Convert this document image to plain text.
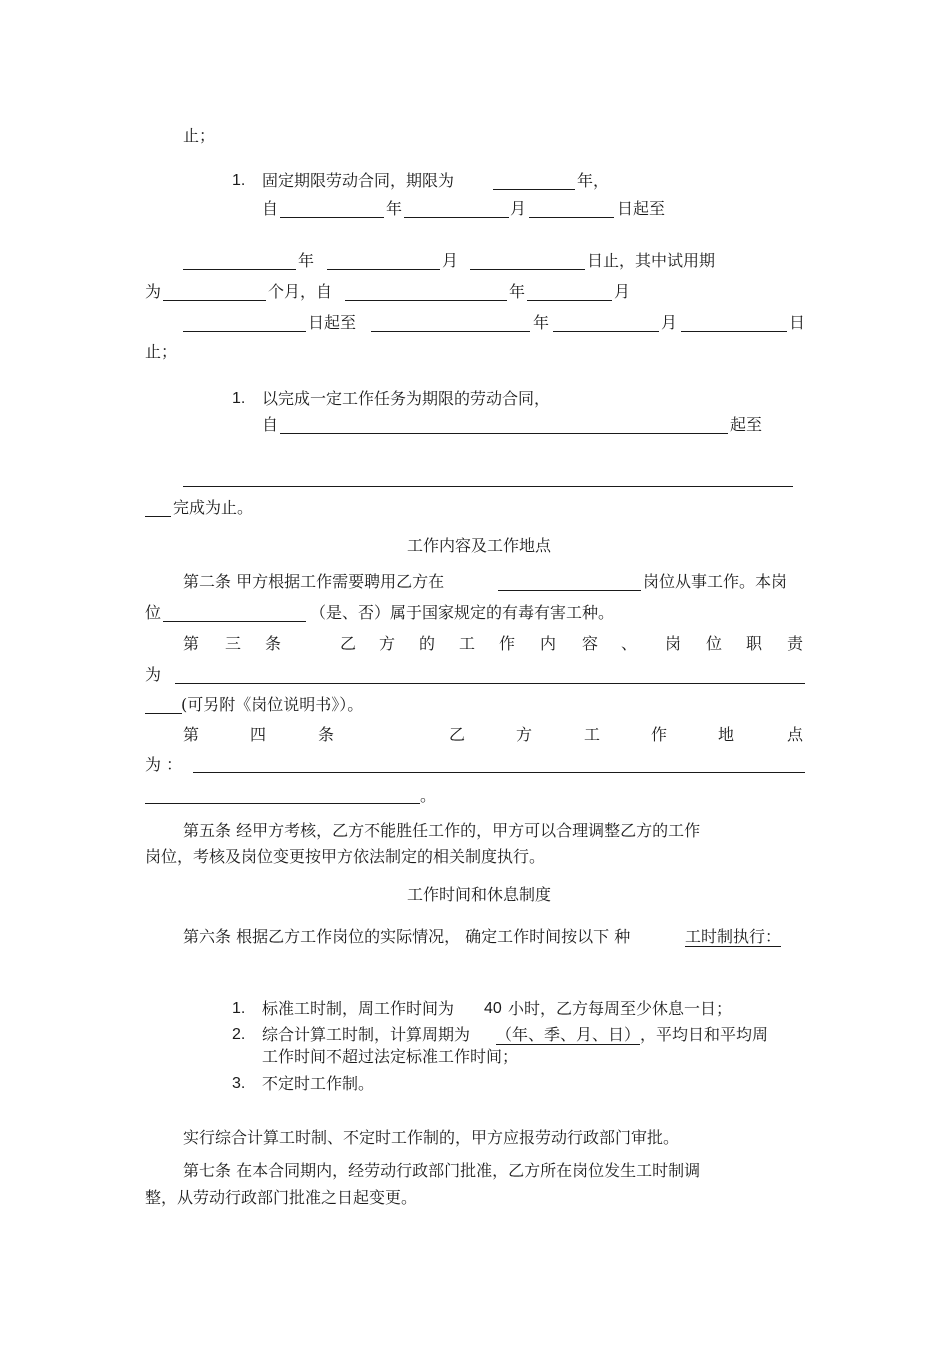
止；
1. 固定期限劳动合同，期限为	年，
自	年	月	日起至
年	月	日止，其中试用期
为	个月，自	年	月
日起至	年	月	日
止；
1. 以完成一定工作任务为期限的劳动合同，
自	起至
完成为止。
工作内容及工作地点
第二条 甲方根据工作需要聘用乙方在	岗位从事工作。本岗
位	（是、否）属于国家规定的有毒有害工种。
第 三 条	乙 方 的 工 作 内 容 、 岗 位 职 责
为
(可另附《岗位说明书》）。
第	四	条	乙	方	工	作	地	点
为 ：
。
第五条 经甲方考核，乙方不能胜任工作的，甲方可以合理调整乙方的工作
岗位，考核及岗位变更按甲方依法制定的相关制度执行。
工作时间和休息制度
第六条 根据乙方工作岗位的实际情况， 确定工作时间按以下 种	工时制执行：
1. 标准工时制，周工作时间为 40 小时，乙方每周至少休息一日；
2. 综合计算工时制，计算周期为 （年、季、月、日） ，平均日和平均周
工作时间不超过法定标准工作时间；
3. 不定时工作制。
实行综合计算工时制、不定时工作制的，甲方应报劳动行政部门审批。
第七条 在本合同期内，经劳动行政部门批准，乙方所在岗位发生工时制调
整，从劳动行政部门批准之日起变更。
